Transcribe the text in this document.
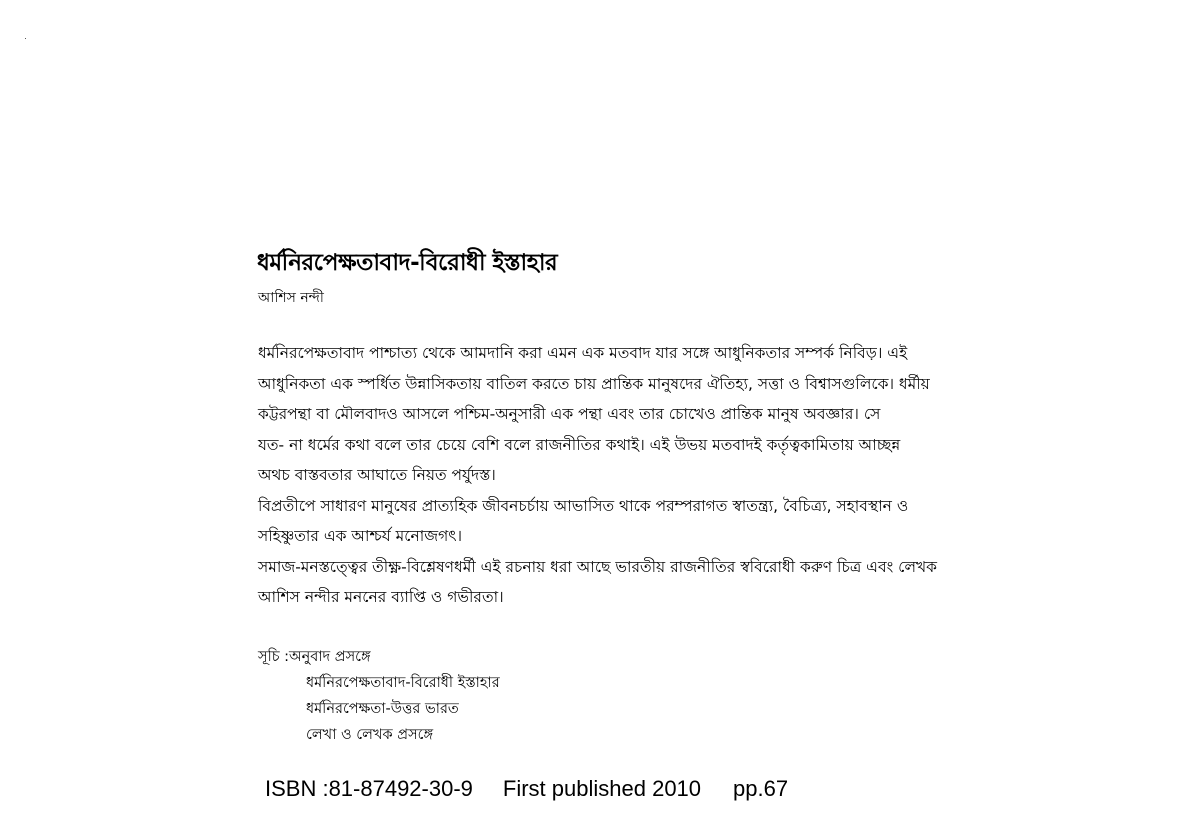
ধর্মনিরপেক্ষতাবাদ-বিরোধী ইস্তাহার
আশিস নন্দী

ধর্মনিরপেক্ষতাবাদ পাশ্চাত্য থেকে আমদানি করা এমন এক মতবাদ যার সঙ্গে আধুনিকতার সম্পর্ক নিবিড়। এই

আধুনিকতা এক স্পর্ধিত উন্নাসিকতায় বাতিল করতে চায় প্রান্তিক মানুষদের ঐতিহ্য, সত্তা ও বিশ্বাসগুলিকে। ধর্মীয়

কট্টরপন্থা বা মৌলবাদও আসলে পশ্চিম-অনুসারী এক পন্থা এবং তার চোখেও প্রান্তিক মানুষ অবজ্ঞার। সে

যত- না ধর্মের কথা বলে তার চেয়ে বেশি বলে রাজনীতির কথাই। এই উভয় মতবাদই কর্তৃত্বকামিতায় আচ্ছন্ন

অথচ বাস্তবতার আঘাতে নিয়ত পর্যুদস্ত।

বিপ্রতীপে সাধারণ মানুষের প্রাত্যহিক জীবনচর্চায় আভাসিত থাকে পরম্পরাগত স্বাতন্ত্র্য, বৈচিত্র্য, সহাবস্থান ও

সহিষ্ণুতার এক আশ্চর্য মনোজগৎ।

সমাজ-মনস্তত্ত্বের তীক্ষ্ণ-বিশ্লেষণধর্মী এই রচনায় ধরা আছে ভারতীয় রাজনীতির স্ববিরোধী করুণ চিত্র এবং লেখক

আশিস নন্দীর মননের ব্যাপ্তি ও গভীরতা।

সূচি :অনুবাদ প্রসঙ্গে
ধর্মনিরপেক্ষতাবাদ-বিরোধী ইস্তাহার
ধর্মনিরপেক্ষতা-উত্তর ভারত
লেখা ও লেখক প্রসঙ্গে
ISBN :81-87492-30-9 First published 2010 pp.67
